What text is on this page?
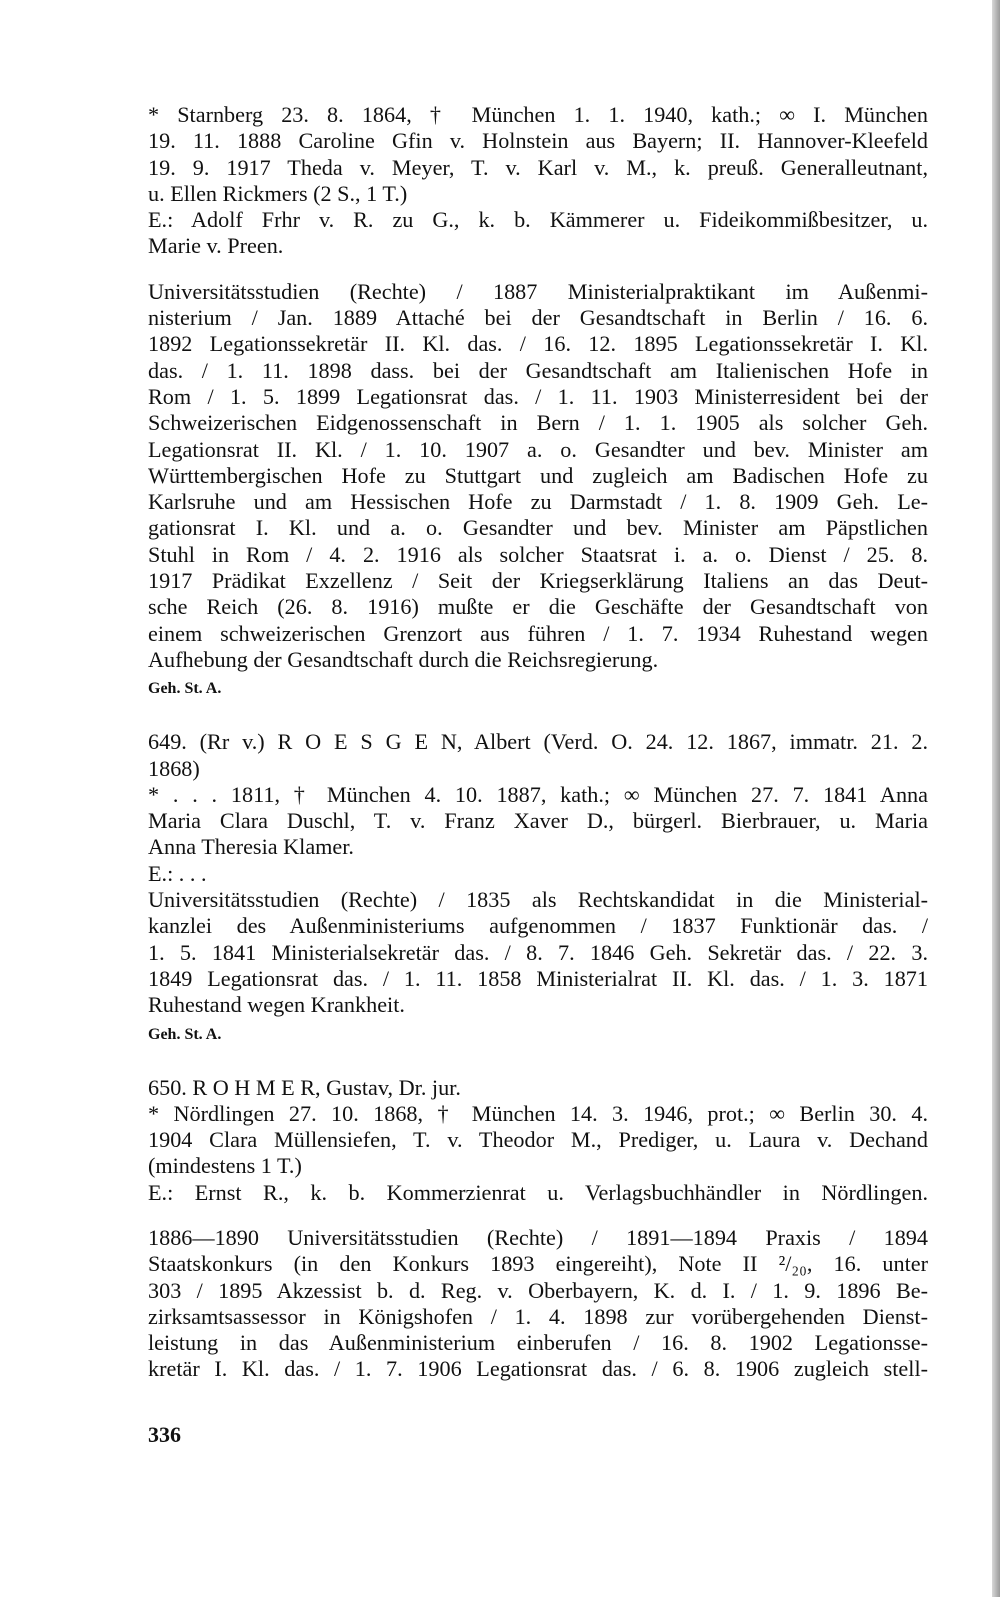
* Starnberg 23. 8. 1864, † München 1. 1. 1940, kath.; ∞ I. München
19. 11. 1888 Caroline Gfin v. Holnstein aus Bayern; II. Hannover-Kleefeld
19. 9. 1917 Theda v. Meyer, T. v. Karl v. M., k. preuß. Generalleutnant,
u. Ellen Rickmers (2 S., 1 T.)
E.: Adolf Frhr v. R. zu G., k. b. Kämmerer u. Fideikommißbesitzer, u.
Marie v. Preen.
Universitätsstudien (Rechte) / 1887 Ministerialpraktikant im Außenmi-
nisterium / Jan. 1889 Attaché bei der Gesandtschaft in Berlin / 16. 6.
1892 Legationssekretär II. Kl. das. / 16. 12. 1895 Legationssekretär I. Kl.
das. / 1. 11. 1898 dass. bei der Gesandtschaft am Italienischen Hofe in
Rom / 1. 5. 1899 Legationsrat das. / 1. 11. 1903 Ministerresident bei der
Schweizerischen Eidgenossenschaft in Bern / 1. 1. 1905 als solcher Geh.
Legationsrat II. Kl. / 1. 10. 1907 a. o. Gesandter und bev. Minister am
Württembergischen Hofe zu Stuttgart und zugleich am Badischen Hofe zu
Karlsruhe und am Hessischen Hofe zu Darmstadt / 1. 8. 1909 Geh. Le-
gationsrat I. Kl. und a. o. Gesandter und bev. Minister am Päpstlichen
Stuhl in Rom / 4. 2. 1916 als solcher Staatsrat i. a. o. Dienst / 25. 8.
1917 Prädikat Exzellenz / Seit der Kriegserklärung Italiens an das Deut-
sche Reich (26. 8. 1916) mußte er die Geschäfte der Gesandtschaft von
einem schweizerischen Grenzort aus führen / 1. 7. 1934 Ruhestand wegen
Aufhebung der Gesandtschaft durch die Reichsregierung.
Geh. St. A.
649. (Rr v.) R O E S G E N, Albert (Verd. O. 24. 12. 1867, immatr. 21. 2.
1868)
* . . . 1811, † München 4. 10. 1887, kath.; ∞ München 27. 7. 1841 Anna
Maria Clara Duschl, T. v. Franz Xaver D., bürgerl. Bierbrauer, u. Maria
Anna Theresia Klamer.
E.: . . .
Universitätsstudien (Rechte) / 1835 als Rechtskandidat in die Ministerial-
kanzlei des Außenministeriums aufgenommen / 1837 Funktionär das. /
1. 5. 1841 Ministerialsekretär das. / 8. 7. 1846 Geh. Sekretär das. / 22. 3.
1849 Legationsrat das. / 1. 11. 1858 Ministerialrat II. Kl. das. / 1. 3. 1871
Ruhestand wegen Krankheit.
Geh. St. A.
650. R O H M E R, Gustav, Dr. jur.
* Nördlingen 27. 10. 1868, † München 14. 3. 1946, prot.; ∞ Berlin 30. 4.
1904 Clara Müllensiefen, T. v. Theodor M., Prediger, u. Laura v. Dechand
(mindestens 1 T.)
E.: Ernst R., k. b. Kommerzienrat u. Verlagsbuchhändler in Nördlingen.
1886—1890 Universitätsstudien (Rechte) / 1891—1894 Praxis / 1894
Staatskonkurs (in den Konkurs 1893 eingereiht), Note II ²/₂₀, 16. unter
303 / 1895 Akzessist b. d. Reg. v. Oberbayern, K. d. I. / 1. 9. 1896 Be-
zirksamtsassessor in Königshofen / 1. 4. 1898 zur vorübergehenden Dienst-
leistung in das Außenministerium einberufen / 16. 8. 1902 Legationsse-
kretär I. Kl. das. / 1. 7. 1906 Legationsrat das. / 6. 8. 1906 zugleich stell-
336
